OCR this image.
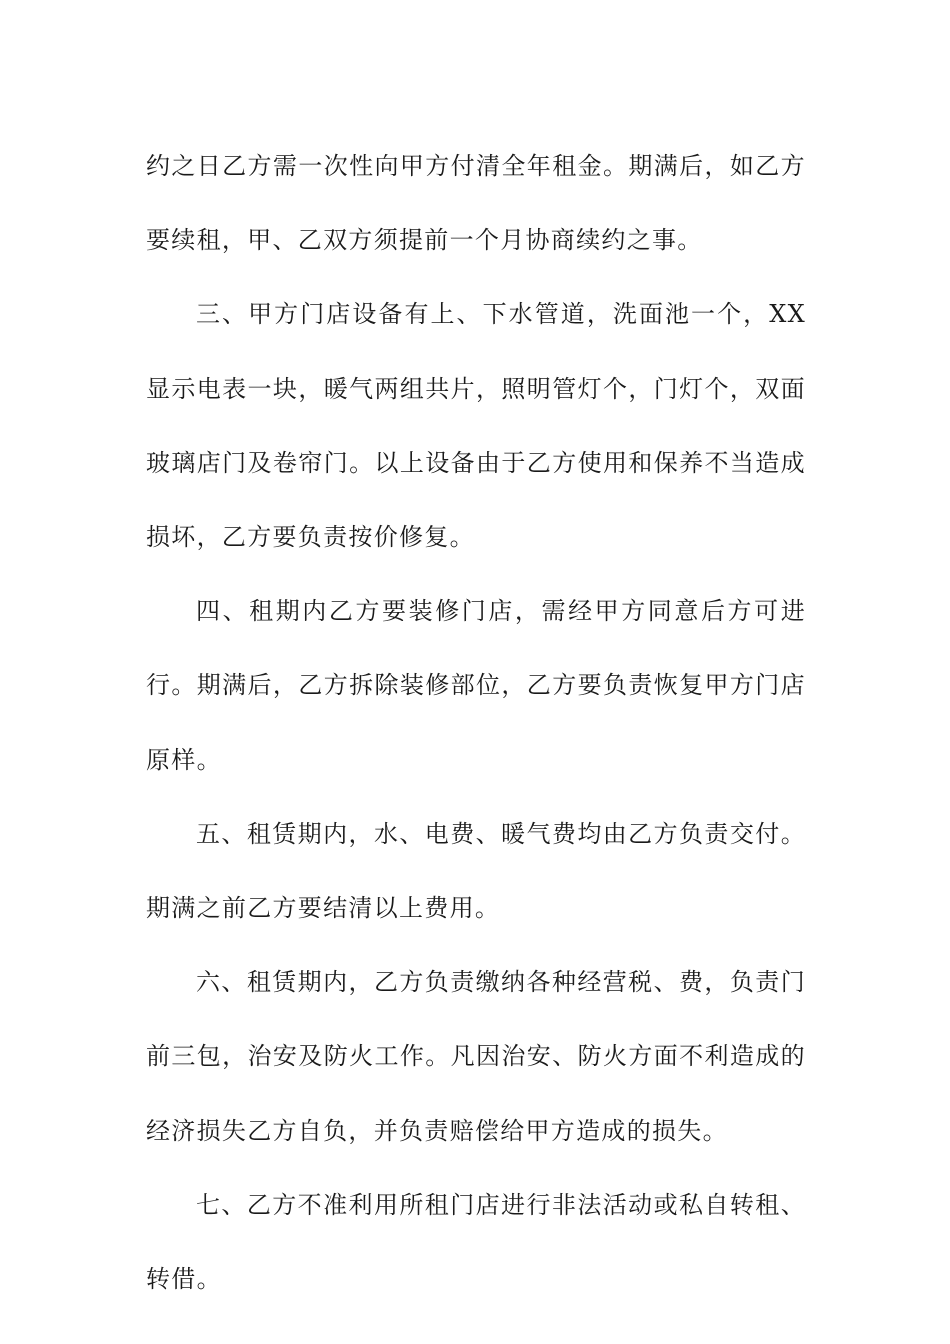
约之日乙方需一次性向甲方付清全年租金。期满后，如乙方要续租，甲、乙双方须提前一个月协商续约之事。

三、甲方门店设备有上、下水管道，洗面池一个，XX显示电表一块，暖气两组共片，照明管灯个，门灯个，双面玻璃店门及卷帘门。以上设备由于乙方使用和保养不当造成损坏，乙方要负责按价修复。

四、租期内乙方要装修门店，需经甲方同意后方可进行。期满后，乙方拆除装修部位，乙方要负责恢复甲方门店原样。

五、租赁期内，水、电费、暖气费均由乙方负责交付。期满之前乙方要结清以上费用。

六、租赁期内，乙方负责缴纳各种经营税、费，负责门前三包，治安及防火工作。凡因治安、防火方面不利造成的经济损失乙方自负，并负责赔偿给甲方造成的损失。

七、乙方不准利用所租门店进行非法活动或私自转租、转借。
